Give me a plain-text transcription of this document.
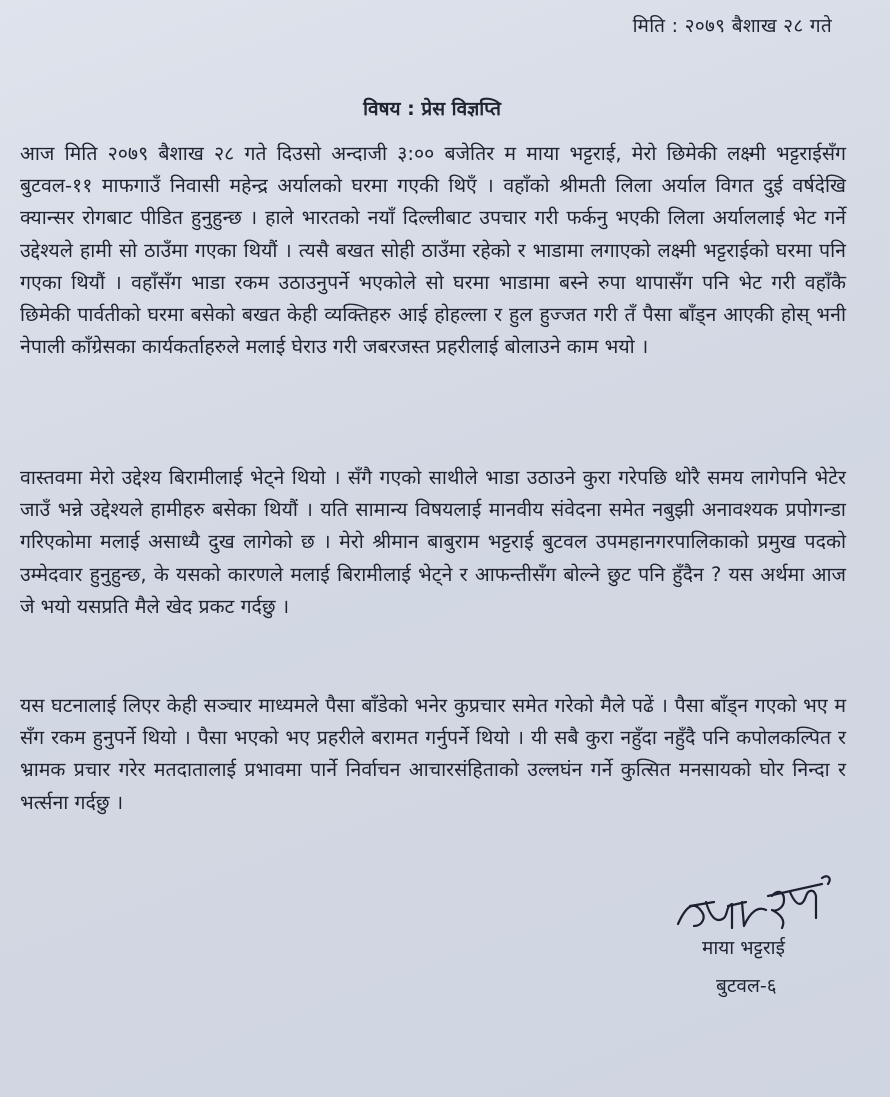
मिति : २०७९ बैशाख २८ गते
विषय : प्रेस विज्ञप्ति

आज मिति २०७९ बैशाख २८ गते दिउसो अन्दाजी ३:०० बजेतिर म माया भट्टराई, मेरो छिमेकी लक्ष्मी भट्टराईसँग बुटवल-११ माफगाउँ निवासी महेन्द्र अर्यालको घरमा गएकी थिएँ । वहाँको श्रीमती लिला अर्याल विगत दुई वर्षदेखि क्यान्सर रोगबाट पीडित हुनुहुन्छ । हाले भारतको नयाँ दिल्लीबाट उपचार गरी फर्कनु भएकी लिला अर्याललाई भेट गर्ने उद्देश्यले हामी सो ठाउँमा गएका थियौं । त्यसै बखत सोही ठाउँमा रहेको र भाडामा लगाएको लक्ष्मी भट्टराईको घरमा पनि गएका थियौं । वहाँसँग भाडा रकम उठाउनुपर्ने भएकोले सो घरमा भाडामा बस्ने रुपा थापासँग पनि भेट गरी वहाँकै छिमेकी पार्वतीको घरमा बसेको बखत केही व्यक्तिहरु आई होहल्ला र हुल हुज्जत गरी तँ पैसा बाँड्न आएकी होस् भनी नेपाली काँग्रेसका कार्यकर्ताहरुले मलाई घेराउ गरी जबरजस्त प्रहरीलाई बोलाउने काम भयो ।

वास्तवमा मेरो उद्देश्य बिरामीलाई भेट्ने थियो । सँगै गएको साथीले भाडा उठाउने कुरा गरेपछि थोरै समय लागेपनि भेटेर जाउँ भन्ने उद्देश्यले हामीहरु बसेका थियौं । यति सामान्य विषयलाई मानवीय संवेदना समेत नबुझी अनावश्यक प्रपोगन्डा गरिएकोमा मलाई असाध्यै दुख लागेको छ । मेरो श्रीमान बाबुराम भट्टराई बुटवल उपमहानगरपालिकाको प्रमुख पदको उम्मेदवार हुनुहुन्छ, के यसको कारणले मलाई बिरामीलाई भेट्ने र आफन्तीसँग बोल्ने छुट पनि हुँदैन ? यस अर्थमा आज जे भयो यसप्रति मैले खेद प्रकट गर्दछु ।

यस घटनालाई लिएर केही सञ्चार माध्यमले पैसा बाँडेको भनेर कुप्रचार समेत गरेको मैले पढें । पैसा बाँड्न गएको भए म सँग रकम हुनुपर्ने थियो । पैसा भएको भए प्रहरीले बरामत गर्नुपर्ने थियो । यी सबै कुरा नहुँदा नहुँदै पनि कपोलकल्पित र भ्रामक प्रचार गरेर मतदातालाई प्रभावमा पार्ने निर्वाचन आचारसंहिताको उल्लघंन गर्ने कुत्सित मनसायको घोर निन्दा र भर्त्सना गर्दछु ।

माया भट्टराई
बुटवल-६
